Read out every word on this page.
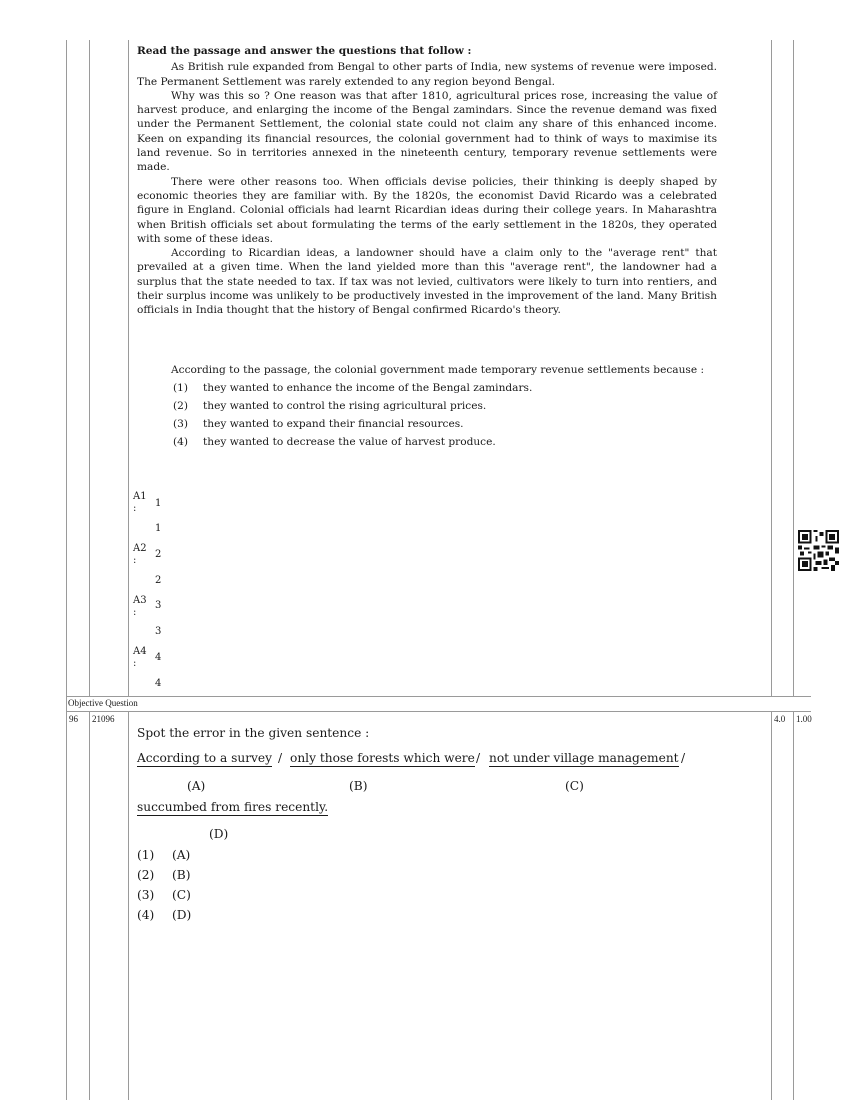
Read the passage and answer the questions that follow :

As British rule expanded from Bengal to other parts of India, new systems of revenue were imposed. The Permanent Settlement was rarely extended to any region beyond Bengal.

Why was this so ? One reason was that after 1810, agricultural prices rose, increasing the value of harvest produce, and enlarging the income of the Bengal zamindars. Since the revenue demand was fixed under the Permanent Settlement, the colonial state could not claim any share of this enhanced income. Keen on expanding its financial resources, the colonial government had to think of ways to maximise its land revenue. So in territories annexed in the nineteenth century, temporary revenue settlements were made.

There were other reasons too. When officials devise policies, their thinking is deeply shaped by economic theories they are familiar with. By the 1820s, the economist David Ricardo was a celebrated figure in England. Colonial officials had learnt Ricardian ideas during their college years. In Maharashtra when British officials set about formulating the terms of the early settlement in the 1820s, they operated with some of these ideas.

According to Ricardian ideas, a landowner should have a claim only to the "average rent" that prevailed at a given time. When the land yielded more than this "average rent", the landowner had a surplus that the state needed to tax. If tax was not levied, cultivators were likely to turn into rentiers, and their surplus income was unlikely to be productively invested in the improvement of the land. Many British officials in India thought that the history of Bengal confirmed Ricardo's theory.

According to the passage, the colonial government made temporary revenue settlements because :
(1) they wanted to enhance the income of the Bengal zamindars.
(2) they wanted to control the rising agricultural prices.
(3) they wanted to expand their financial resources.
(4) they wanted to decrease the value of harvest produce.
A1
: 1
1
A2
:
2
2
A3
:
3
3
A4
:
4
4
Objective Question
96 21096	4.0 1.00
Spot the error in the given sentence :
According to a survey / only those forests which were / not under village management /
(A)	(B)	(C)
succumbed from fires recently.
(D)
(1) (A)
(2) (B)
(3) (C)
(4) (D)
